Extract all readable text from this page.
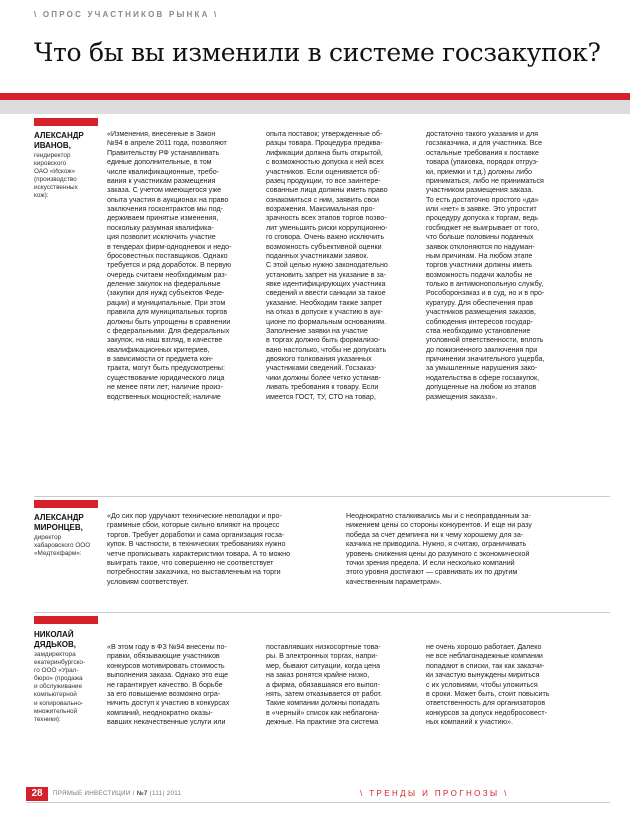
\ ОПРОС УЧАСТНИКОВ РЫНКА \
Что бы вы изменили в системе госзакупок?
АЛЕКСАНДР
ИВАНОВ,
гендиректор
кировского
ОАО «Искож»
(производство
искусственных
кож):
«Изменения, внесенные в Закон
№94 в апреле 2011 года, позволяют
Правительству РФ устанавливать
единые дополнительные, в том
числе квалификационные, требо-
вания к участникам размещения
заказа. С учетом имеющегося уже
опыта участия в аукционах на право
заключения госконтрактов мы под-
держиваем принятые изменения,
поскольку разумная квалифика-
ция позволит исключить участие
в тендерах фирм-однодневок и недо-
бросовестных поставщиков. Однако
требуется и ряд доработок. В первую
очередь считаем необходимым раз-
деление закупок на федеральные
(закупки для нужд субъектов Феде-
рации) и муниципальные. При этом
правила для муниципальных торгов
должны быть упрощены в сравнении
с федеральными. Для федеральных
закупок, на наш взгляд, в качестве
квалификационных критериев,
в зависимости от предмета кон-
тракта, могут быть предусмотрены:
существование юридического лица
не менее пяти лет; наличие произ-
водственных мощностей; наличие
опыта поставок; утвержденные об-
разцы товара. Процедура предква-
лификации должна быть открытой,
с возможностью допуска к ней всех
участников. Если оценивается об-
разец продукции, то все заинтере-
сованные лица должны иметь право
ознакомиться с ним, заявить свои
возражения. Максимальная про-
зрачность всех этапов торгов позво-
лит уменьшить риски коррупционно-
го сговора. Очень важно исключить
возможность субъективной оценки
поданных участниками заявок.
С этой целью нужно законодательно
установить запрет на указание в за-
явке идентифицирующих участника
сведений и ввести санкции за такое
указание. Необходим также запрет
на отказ в допуске к участию в аук-
ционе по формальным основаниям.
Заполнение заявки на участие
в торгах должно быть формализо-
вано настолько, чтобы не допускать
двоякого толкования указанных
участниками сведений. Госзаказ-
чики должны более четко устанав-
ливать требования к товару. Если
имеется ГОСТ, ТУ, СТО на товар,
достаточно такого указания и для
госзаказчика, и для участника. Все
остальные требования к поставке
товара (упаковка, порядок отгруз-
ки, приемки и т.д.) должны либо
приниматься, либо не приниматься
участником размещения заказа.
То есть достаточно простого «да»
или «нет» в заявке. Это упростит
процедуру допуска к торгам, ведь
госбюджет не выигрывает от того,
что больше половины поданных
заявок отклоняются по надуман-
ным причинам. На любом этапе
торгов участники должны иметь
возможность подачи жалобы не
только в антимонопольную службу,
Рособоронзаказ и в суд, но и в про-
куратуру. Для обеспечения прав
участников размещения заказов,
соблюдения интересов государ-
ства необходимо установление
уголовной ответственности, вплоть
до пожизненного заключения при
причинении значительного ущерба,
за умышленные нарушения зако-
нодательства в сфере госзакупок,
допущенные на любом из этапов
размещения заказа».
АЛЕКСАНДР
МИРОНЦЕВ,
директор
хабаровского ООО
«Медтехфарм»:
«До сих пор удручают технические неполадки и про-
граммные сбои, которые сильно влияют на процесс
торгов. Требует доработки и сама организация госза-
купок. В частности, в технических требованиях нужно
четче прописывать характеристики товара. А то можно
выиграть такое, что совершенно не соответствует
потребностям заказчика, но выставленным на торги
условиям соответствует.
Неоднократно сталкивались мы и с неоправданным за-
нижением цены со стороны конкурентов. И еще ни разу
победа за счет демпинга ни к чему хорошему для за-
казчика не приводила. Нужно, я считаю, ограничивать
уровень снижения цены до разумного с экономической
точки зрения предела. И если несколько компаний
этого уровня достигают — сравнивать их по другим
качественным параметрам».
НИКОЛАЙ
ДЯДЬКОВ,
замдиректора
екатеринбургско-
го ООО «Урал-
бюро» (продажа
и обслуживание
компьютерной
и копировально-
множительной
техники):
«В этом году в ФЗ №94 внесены по-
правки, обязывающие участников
конкурсов мотивировать стоимость
выполнения заказа. Однако это еще
не гарантирует качество. В борьбе
за его повышение возможно огра-
ничить доступ к участию в конкурсах
компаний, неоднократно оказы-
вавших некачественные услуги или
поставлявших низкосортные това-
ры. В электронных торгах, напри-
мер, бывают ситуации, когда цена
на заказ ронятся крайне низко,
а фирма, обязавшаяся его выпол-
нять, затем отказывается от работ.
Такие компании должны попадать
в «черный» список как неблагона-
дежные. На практике эта система
не очень хорошо работает. Далеко
не все неблагонадежные компании
попадают в списки, так как заказчи-
ки зачастую вынуждены мириться
с их условиями, чтобы уложиться
в сроки. Может быть, стоит повысить
ответственность для организаторов
конкурсов за допуск недобросовест-
ных компаний к участию».
28	ПРЯМЫЕ ИНВЕСТИЦИИ / №7 (111) 2011	\ ТРЕНДЫ И ПРОГНОЗЫ \
